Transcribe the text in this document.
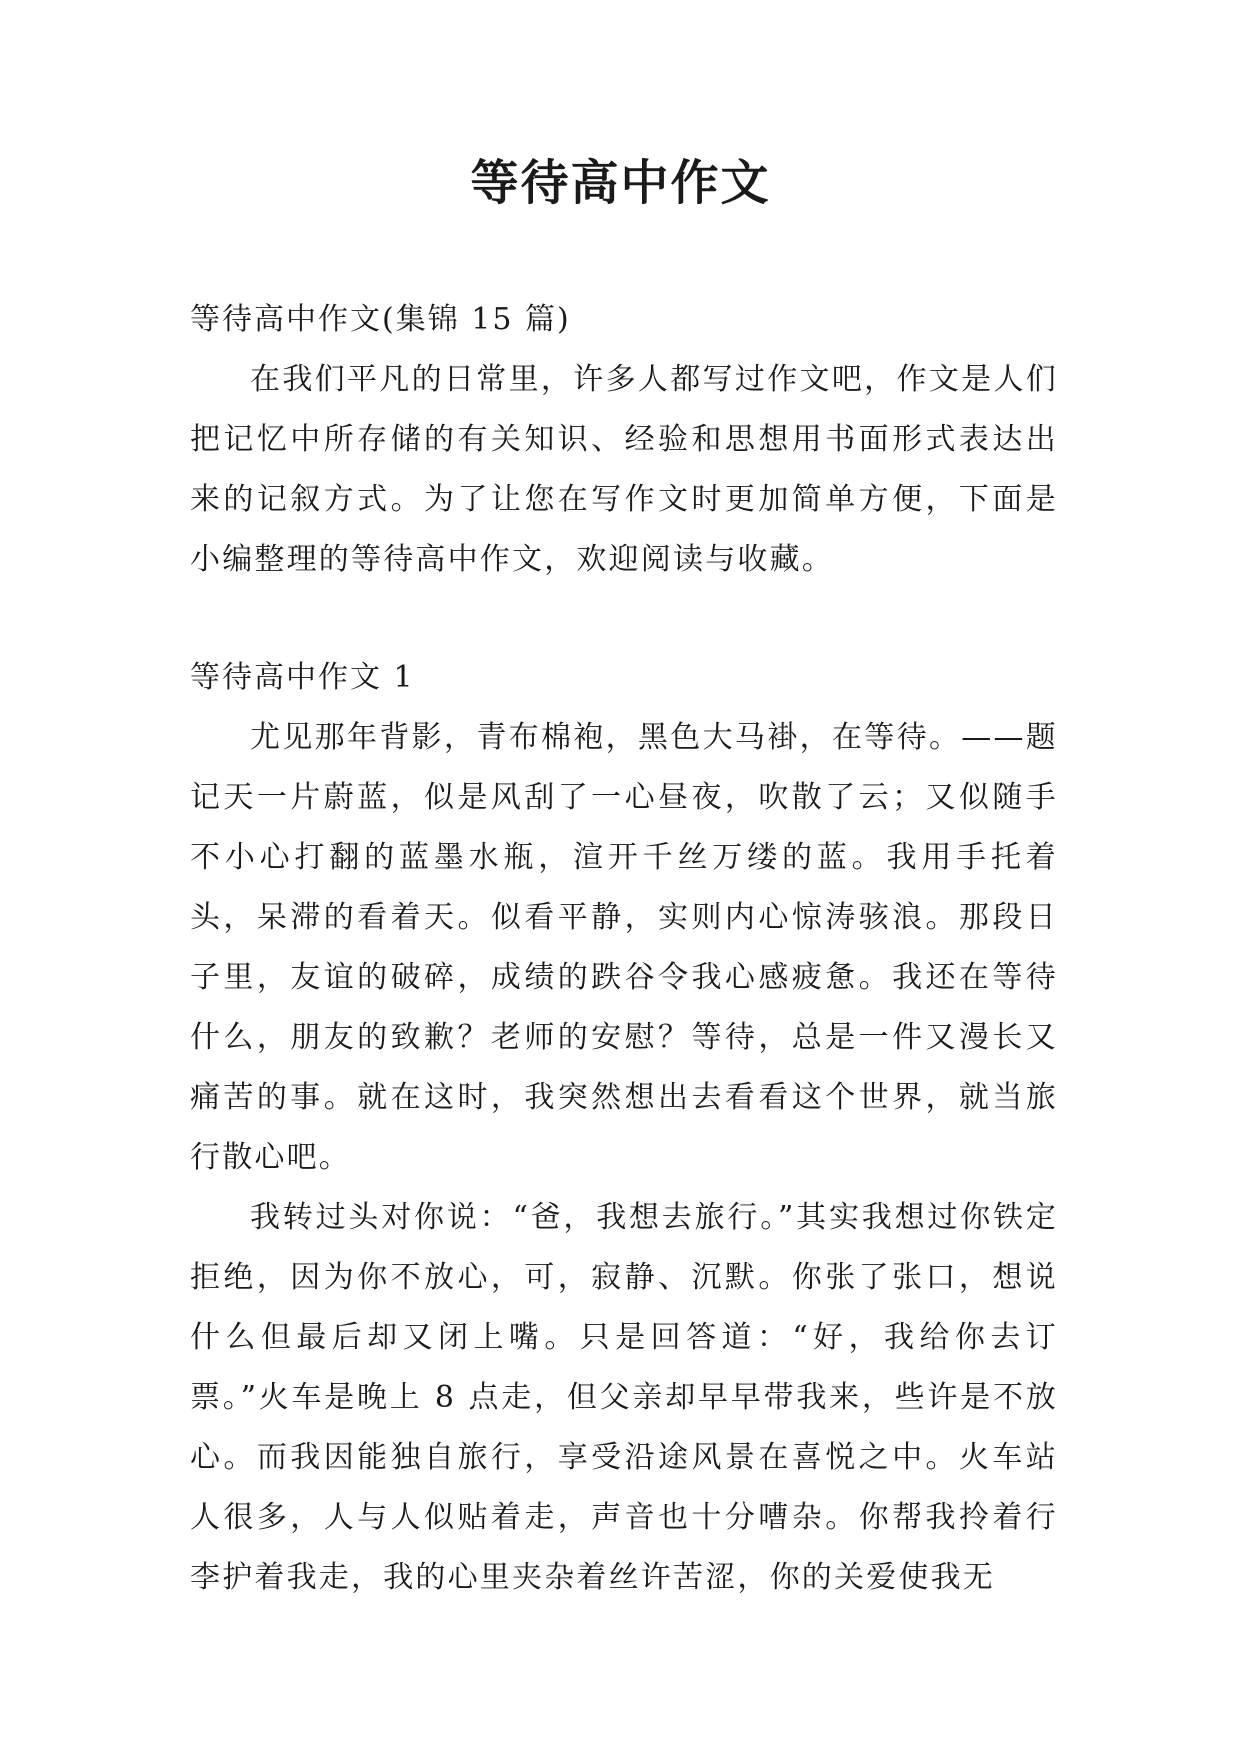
等待高中作文

等待高中作文(集锦 15 篇)

在我们平凡的日常里，许多人都写过作文吧，作文是人们把记忆中所存储的有关知识、经验和思想用书面形式表达出来的记叙方式。为了让您在写作文时更加简单方便，下面是小编整理的等待高中作文，欢迎阅读与收藏。

等待高中作文 1

尤见那年背影，青布棉袍，黑色大马褂，在等待。——题记天一片蔚蓝，似是风刮了一心昼夜，吹散了云；又似随手不小心打翻的蓝墨水瓶，渲开千丝万缕的蓝。我用手托着头，呆滞的看着天。似看平静，实则内心惊涛骇浪。那段日子里，友谊的破碎，成绩的跌谷令我心感疲惫。我还在等待什么，朋友的致歉？老师的安慰？等待，总是一件又漫长又痛苦的事。就在这时，我突然想出去看看这个世界，就当旅行散心吧。

我转过头对你说：“爸，我想去旅行。”其实我想过你铁定拒绝，因为你不放心，可，寂静、沉默。你张了张口，想说什么但最后却又闭上嘴。只是回答道：“好，我给你去订票。”火车是晚上 8 点走，但父亲却早早带我来，些许是不放心。而我因能独自旅行，享受沿途风景在喜悦之中。火车站人很多，人与人似贴着走，声音也十分嘈杂。你帮我拎着行李护着我走，我的心里夹杂着丝许苦涩，你的关爱使我无
